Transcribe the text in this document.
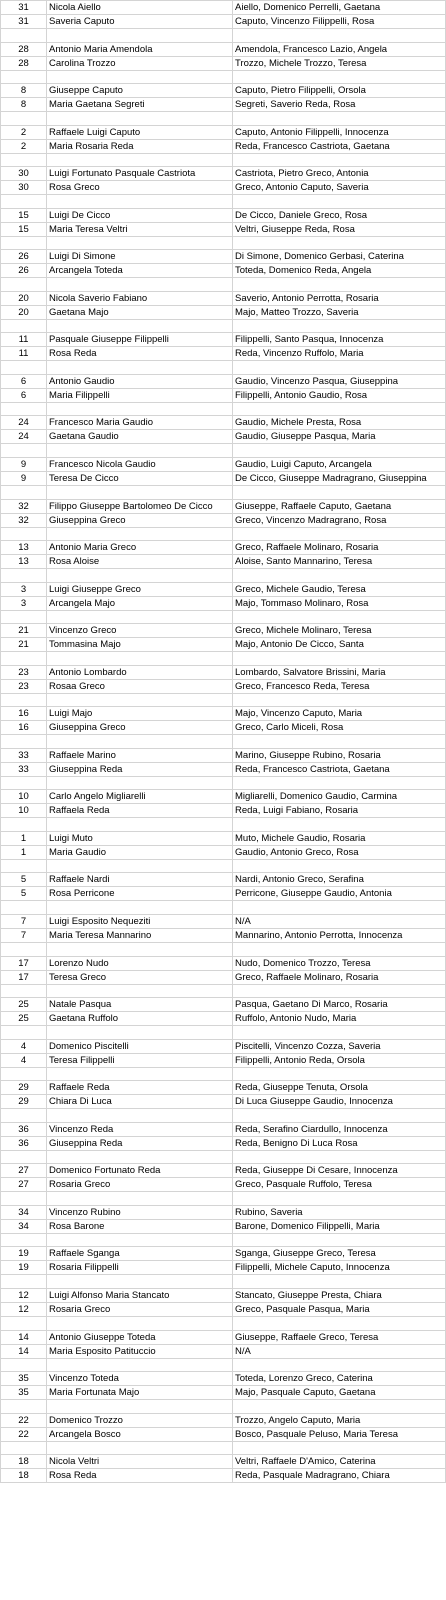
31	Nicola Aiello	Aiello, Domenico Perrelli, Gaetana
31	Saveria Caputo	Caputo, Vincenzo Filippelli, Rosa

28	Antonio Maria Amendola	Amendola, Francesco Lazio, Angela
28	Carolina Trozzo	Trozzo, Michele Trozzo, Teresa

8	Giuseppe Caputo	Caputo, Pietro Filippelli, Orsola
8	Maria Gaetana Segreti	Segreti, Saverio Reda, Rosa

2	Raffaele Luigi Caputo	Caputo, Antonio Filippelli, Innocenza
2	Maria Rosaria Reda	Reda, Francesco Castriota, Gaetana

30	Luigi Fortunato Pasquale Castriota	Castriota, Pietro Greco, Antonia
30	Rosa Greco	Greco, Antonio Caputo, Saveria

15	Luigi De Cicco	De Cicco, Daniele Greco, Rosa
15	Maria Teresa Veltri	Veltri, Giuseppe Reda, Rosa

26	Luigi Di Simone	Di Simone, Domenico Gerbasi, Caterina
26	Arcangela Toteda	Toteda, Domenico Reda, Angela

20	Nicola Saverio Fabiano	Saverio, Antonio Perrotta, Rosaria
20	Gaetana Majo	Majo, Matteo Trozzo, Saveria

11	Pasquale Giuseppe Filippelli	Filippelli, Santo Pasqua, Innocenza
11	Rosa Reda	Reda, Vincenzo Ruffolo, Maria

6	Antonio Gaudio	Gaudio, Vincenzo Pasqua, Giuseppina
6	Maria Filippelli	Filippelli, Antonio Gaudio, Rosa

24	Francesco Maria Gaudio	Gaudio, Michele Presta, Rosa
24	Gaetana Gaudio	Gaudio, Giuseppe Pasqua, Maria

9	Francesco Nicola Gaudio	Gaudio, Luigi Caputo, Arcangela
9	Teresa De Cicco	De Cicco, Giuseppe Madragrano, Giuseppina

32	Filippo Giuseppe Bartolomeo De Cicco	Giuseppe, Raffaele Caputo, Gaetana
32	Giuseppina Greco	Greco, Vincenzo Madragrano, Rosa

13	Antonio Maria Greco	Greco, Raffaele Molinaro, Rosaria
13	Rosa Aloise	Aloise, Santo Mannarino, Teresa

3	Luigi Giuseppe Greco	Greco, Michele Gaudio, Teresa
3	Arcangela Majo	Majo, Tommaso Molinaro, Rosa

21	Vincenzo Greco	Greco, Michele Molinaro, Teresa
21	Tommasina Majo	Majo, Antonio De Cicco, Santa

23	Antonio Lombardo	Lombardo, Salvatore Brissini, Maria
23	Rosaa Greco	Greco, Francesco Reda, Teresa

16	Luigi Majo	Majo, Vincenzo Caputo, Maria
16	Giuseppina Greco	Greco, Carlo Miceli, Rosa

33	Raffaele Marino	Marino, Giuseppe Rubino, Rosaria
33	Giuseppina Reda	Reda, Francesco Castriota, Gaetana

10	Carlo Angelo Migliarelli	Migliarelli, Domenico Gaudio, Carmina
10	Raffaela Reda	Reda, Luigi Fabiano, Rosaria

1	Luigi Muto	Muto, Michele Gaudio, Rosaria
1	Maria Gaudio	Gaudio, Antonio Greco, Rosa

5	Raffaele Nardi	Nardi, Antonio Greco, Serafina
5	Rosa Perricone	Perricone, Giuseppe Gaudio, Antonia

7	Luigi Esposito Nequeziti	N/A
7	Maria Teresa Mannarino	Mannarino, Antonio Perrotta, Innocenza

17	Lorenzo Nudo	Nudo, Domenico Trozzo, Teresa
17	Teresa Greco	Greco, Raffaele Molinaro, Rosaria

25	Natale Pasqua	Pasqua, Gaetano Di Marco, Rosaria
25	Gaetana Ruffolo	Ruffolo, Antonio Nudo, Maria

4	Domenico Piscitelli	Piscitelli, Vincenzo Cozza, Saveria
4	Teresa Filippelli	Filippelli, Antonio Reda, Orsola

29	Raffaele Reda	Reda, Giuseppe Tenuta, Orsola
29	Chiara Di Luca	Di Luca Giuseppe Gaudio, Innocenza

36	Vincenzo Reda	Reda, Serafino Ciardullo, Innocenza
36	Giuseppina Reda	Reda, Benigno Di Luca Rosa

27	Domenico Fortunato Reda	Reda, Giuseppe Di Cesare, Innocenza
27	Rosaria Greco	Greco, Pasquale Ruffolo, Teresa

34	Vincenzo Rubino	Rubino, Saveria
34	Rosa Barone	Barone, Domenico Filippelli, Maria

19	Raffaele Sganga	Sganga, Giuseppe Greco, Teresa
19	Rosaria Filippelli	Filippelli, Michele Caputo, Innocenza

12	Luigi Alfonso Maria Stancato	Stancato, Giuseppe Presta, Chiara
12	Rosaria Greco	Greco, Pasquale Pasqua, Maria

14	Antonio Giuseppe Toteda	Giuseppe, Raffaele Greco, Teresa
14	Maria Esposito Patituccio	N/A

35	Vincenzo Toteda	Toteda, Lorenzo Greco, Caterina
35	Maria Fortunata Majo	Majo, Pasquale Caputo, Gaetana

22	Domenico Trozzo	Trozzo, Angelo Caputo, Maria
22	Arcangela Bosco	Bosco, Pasquale Peluso, Maria Teresa

18	Nicola Veltri	Veltri, Raffaele D'Amico, Caterina
18	Rosa Reda	Reda, Pasquale Madragrano, Chiara
